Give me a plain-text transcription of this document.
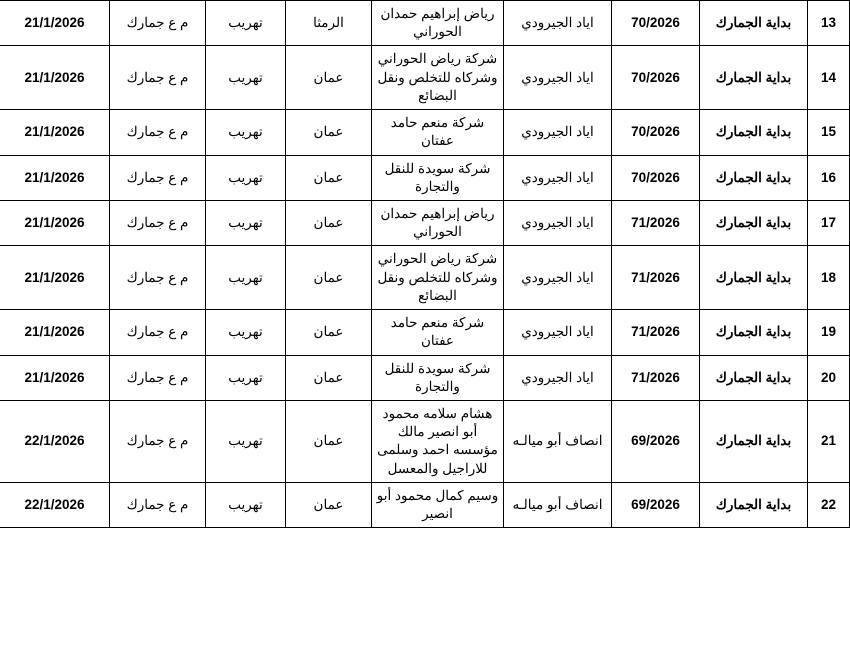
13	بداية الجمارك	70/2026	اياد الجيرودي	رياض إبراهيم حمدان الحوراني	الرمثا	تهريب	م ع جمارك	21/1/2026
14	بداية الجمارك	70/2026	اياد الجيرودي	شركة رياض الحوراني وشركاه للتخلص ونقل البضائع	عمان	تهريب	م ع جمارك	21/1/2026
15	بداية الجمارك	70/2026	اياد الجيرودي	شركة منعم حامد عفتان	عمان	تهريب	م ع جمارك	21/1/2026
16	بداية الجمارك	70/2026	اياد الجيرودي	شركة سويدة للنقل والتجارة	عمان	تهريب	م ع جمارك	21/1/2026
17	بداية الجمارك	71/2026	اياد الجيرودي	رياض إبراهيم حمدان الحوراني	عمان	تهريب	م ع جمارك	21/1/2026
18	بداية الجمارك	71/2026	اياد الجيرودي	شركة رياض الحوراني وشركاه للتخلص ونقل البضائع	عمان	تهريب	م ع جمارك	21/1/2026
19	بداية الجمارك	71/2026	اياد الجيرودي	شركة منعم حامد عفتان	عمان	تهريب	م ع جمارك	21/1/2026
20	بداية الجمارك	71/2026	اياد الجيرودي	شركة سويدة للنقل والتجارة	عمان	تهريب	م ع جمارك	21/1/2026
21	بداية الجمارك	69/2026	انصاف أبو ميالـه	هشام سلامه محمود أبو انصير مالك مؤسسه احمد وسلمى للاراجيل والمعسل	عمان	تهريب	م ع جمارك	22/1/2026
22	بداية الجمارك	69/2026	انصاف أبو ميالـه	وسيم كمال محمود أبو انصير	عمان	تهريب	م ع جمارك	22/1/2026
